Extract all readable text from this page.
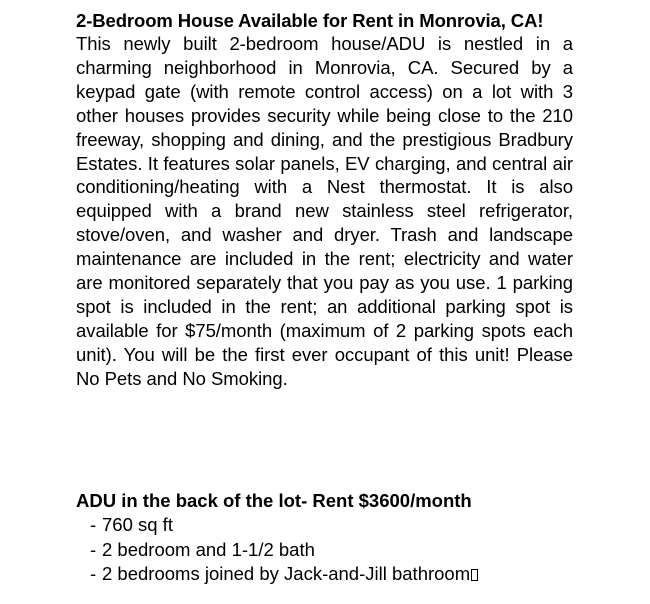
2-Bedroom House Available for Rent in Monrovia, CA!

This newly built 2-bedroom house/ADU is nestled in a charming neighborhood in Monrovia, CA. Secured by a keypad gate (with remote control access) on a lot with 3 other houses provides security while being close to the 210 freeway, shopping and dining, and the prestigious Bradbury Estates. It features solar panels, EV charging, and central air conditioning/heating with a Nest thermostat. It is also equipped with a brand new stainless steel refrigerator, stove/oven, and washer and dryer. Trash and landscape maintenance are included in the rent; electricity and water are monitored separately that you pay as you use. 1 parking spot is included in the rent; an additional parking spot is available for $75/month (maximum of 2 parking spots each unit). You will be the first ever occupant of this unit! Please No Pets and No Smoking.

ADU in the back of the lot- Rent $3600/month
- 760 sq ft
- 2 bedroom and 1-1/2 bath
- 2 bedrooms joined by Jack-and-Jill bathroom
